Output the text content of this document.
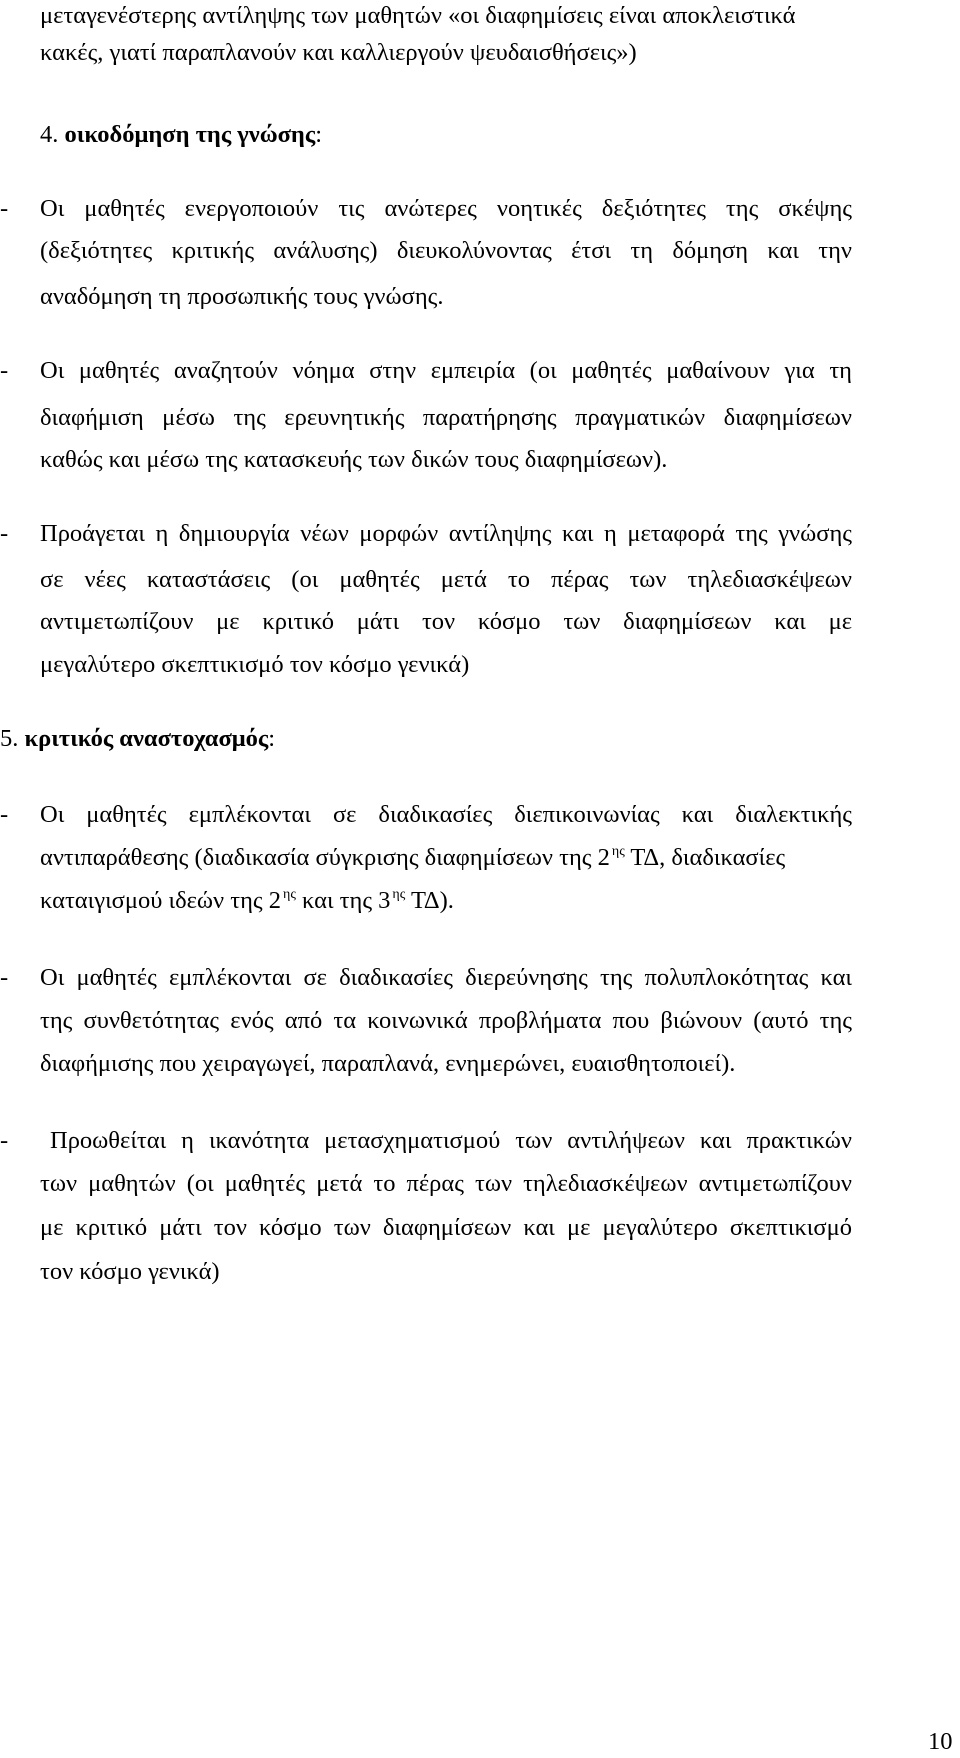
μεταγενέστερης αντίληψης των μαθητών «οι διαφημίσεις είναι αποκλειστικά
κακές, γιατί παραπλανούν και καλλιεργούν ψευδαισθήσεις»)
4. οικοδόμηση της γνώσης:
- Οι μαθητές ενεργοποιούν τις ανώτερες νοητικές δεξιότητες της σκέψης
(δεξιότητες κριτικής ανάλυσης) διευκολύνοντας έτσι τη δόμηση και την
αναδόμηση τη προσωπικής τους γνώσης.
- Οι μαθητές αναζητούν νόημα στην εμπειρία (οι μαθητές μαθαίνουν για τη
διαφήμιση μέσω της ερευνητικής παρατήρησης πραγματικών διαφημίσεων
καθώς και μέσω της κατασκευής των δικών τους διαφημίσεων).
- Προάγεται η δημιουργία νέων μορφών αντίληψης και η μεταφορά της γνώσης
σε νέες καταστάσεις (οι μαθητές μετά το πέρας των τηλεδιασκέψεων
αντιμετωπίζουν με κριτικό μάτι τον κόσμο των διαφημίσεων και με
μεγαλύτερο σκεπτικισμό τον κόσμο γενικά)
5. κριτικός αναστοχασμός:
- Οι μαθητές εμπλέκονται σε διαδικασίες διεπικοινωνίας και διαλεκτικής
αντιπαράθεσης (διαδικασία σύγκρισης διαφημίσεων της 2 $^{\eta\varsigma}$ ΤΔ, διαδικασίες
καταιγισμού ιδεών της 2 $^{\eta\varsigma}$ και της 3 $^{\eta\varsigma}$ ΤΔ).
- Οι μαθητές εμπλέκονται σε διαδικασίες διερεύνησης της πολυπλοκότητας και
της συνθετότητας ενός από τα κοινωνικά προβλήματα που βιώνουν (αυτό της
διαφήμισης που χειραγωγεί, παραπλανά, ενημερώνει, ευαισθητοποιεί).
- Προωθείται η ικανότητα μετασχηματισμού των αντιλήψεων και πρακτικών
των μαθητών (οι μαθητές μετά το πέρας των τηλεδιασκέψεων αντιμετωπίζουν
με κριτικό μάτι τον κόσμο των διαφημίσεων και με μεγαλύτερο σκεπτικισμό
τον κόσμο γενικά)
10
